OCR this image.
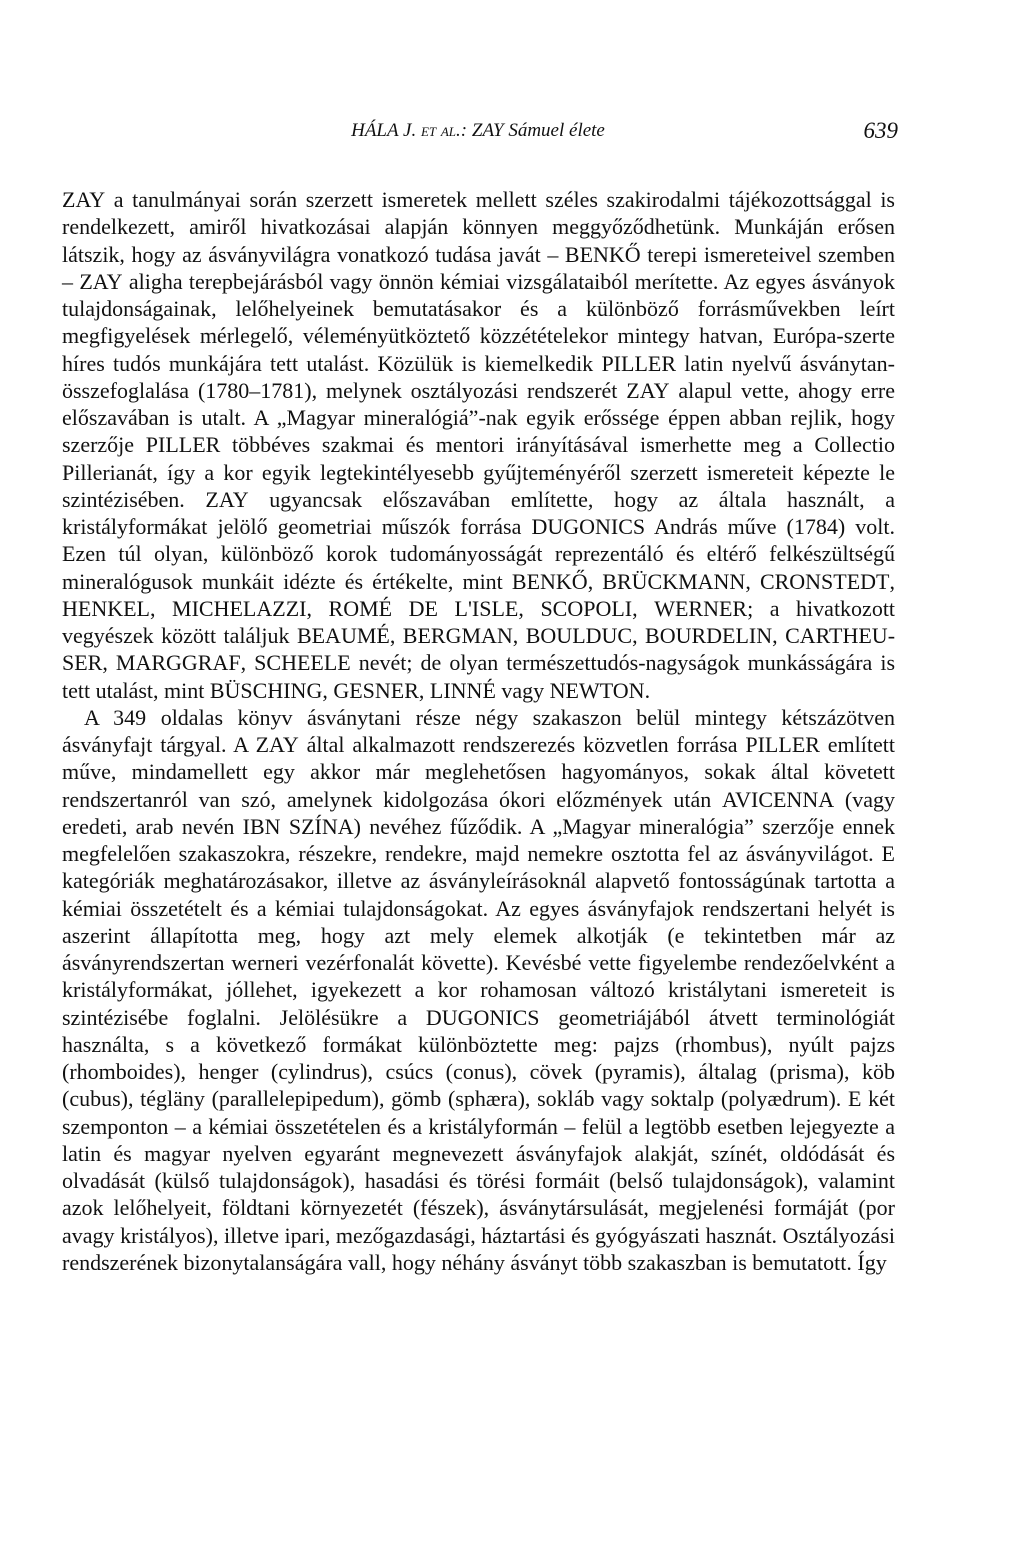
HÁLA J. et al.: ZAY Sámuel élete	639

ZAY a tanulmányai során szerzett ismeretek mellett széles szakirodalmi tájékozottsággal is rendelkezett, amiről hivatkozásai alapján könnyen meggyőződhetünk. Munkáján erősen látszik, hogy az ásványvilágra vonatkozó tudása javát – BENKŐ terepi ismereteivel szemben – ZAY aligha terepbejárásból vagy önnön kémiai vizsgálataiból merítette. Az egyes ásványok tulajdonságainak, lelőhelyeinek bemutatásakor és a különböző forrásművekben leírt megfigyelések mérlegelő, véleményütköztető közzétételekor mintegy hatvan, Európa-szerte híres tudós munkájára tett utalást. Közülük is kiemelkedik PILLER latin nyelvű ásványtan-összefoglalása (1780–1781), melynek osztályozási rendszerét ZAY alapul vette, ahogy erre előszavában is utalt. A „Magyar mineralógiá”-nak egyik erőssége éppen abban rejlik, hogy szerzője PILLER többéves szakmai és mentori irányításával ismerhette meg a Collectio Pillerianát, így a kor egyik legtekintélyesebb gyűjteményéről szerzett ismereteit képezte le szintézisében. ZAY ugyancsak előszavában említette, hogy az általa használt, a kristályformákat jelölő geometriai műszók forrása DUGONICS András műve (1784) volt. Ezen túl olyan, különböző korok tudományosságát reprezentáló és eltérő felkészültségű mineralógusok munkáit idézte és értékelte, mint BENKŐ, BRÜCKMANN, CRONSTEDT, HENKEL, MICHELAZZI, ROMÉ DE L'ISLE, SCOPOLI, WERNER; a hivatkozott vegyészek között találjuk BEAUMÉ, BERGMAN, BOULDUC, BOURDELIN, CARTHEUSER, MARGGRAF, SCHEELE nevét; de olyan természettudós-nagyságok munkásságára is tett utalást, mint BÜSCHING, GESNER, LINNÉ vagy NEWTON.

A 349 oldalas könyv ásványtani része négy szakaszon belül mintegy kétszázötven ásványfajt tárgyal. A ZAY által alkalmazott rendszerezés közvetlen forrása PILLER említett műve, mindamellett egy akkor már meglehetősen hagyományos, sokak által követett rendszertanról van szó, amelynek kidolgozása ókori előzmények után AVICENNA (vagy eredeti, arab nevén IBN SZÍNA) nevéhez fűződik. A „Magyar mineralógia” szerzője ennek megfelelően szakaszokra, részekre, rendekre, majd nemekre osztotta fel az ásványvilágot. E kategóriák meghatározásakor, illetve az ásványleírásoknál alapvető fontosságúnak tartotta a kémiai összetételt és a kémiai tulajdonságokat. Az egyes ásványfajok rendszertani helyét is aszerint állapította meg, hogy azt mely elemek alkotják (e tekintetben már az ásványrendszertan werneri vezérfonalát követte). Kevésbé vette figyelembe rendezőelvként a kristályformákat, jóllehet, igyekezett a kor rohamosan változó kristálytani ismereteit is szintézisébe foglalni. Jelölésükre a DUGONICS geometriájából átvett terminológiát használta, s a következő formákat különböztette meg: pajzs (rhombus), nyúlt pajzs (rhomboides), henger (cylindrus), csúcs (conus), cövek (pyramis), általag (prisma), köb (cubus), tégläny (parallelepipedum), gömb (sphæra), sokláb vagy soktalp (polyædrum). E két szemponton – a kémiai összetételen és a kristályformán – felül a legtöbb esetben lejegyezte a latin és magyar nyelven egyaránt megnevezett ásványfajok alakját, színét, oldódását és olvadását (külső tulajdonságok), hasadási és törési formáit (belső tulajdonságok), valamint azok lelőhelyeit, földtani környezetét (fészek), ásványtársulását, megjelenési formáját (por avagy kristályos), illetve ipari, mezőgazdasági, háztartási és gyógyászati hasznát. Osztályozási rendszerének bizonytalanságára vall, hogy néhány ásványt több szakaszban is bemutatott. Így
